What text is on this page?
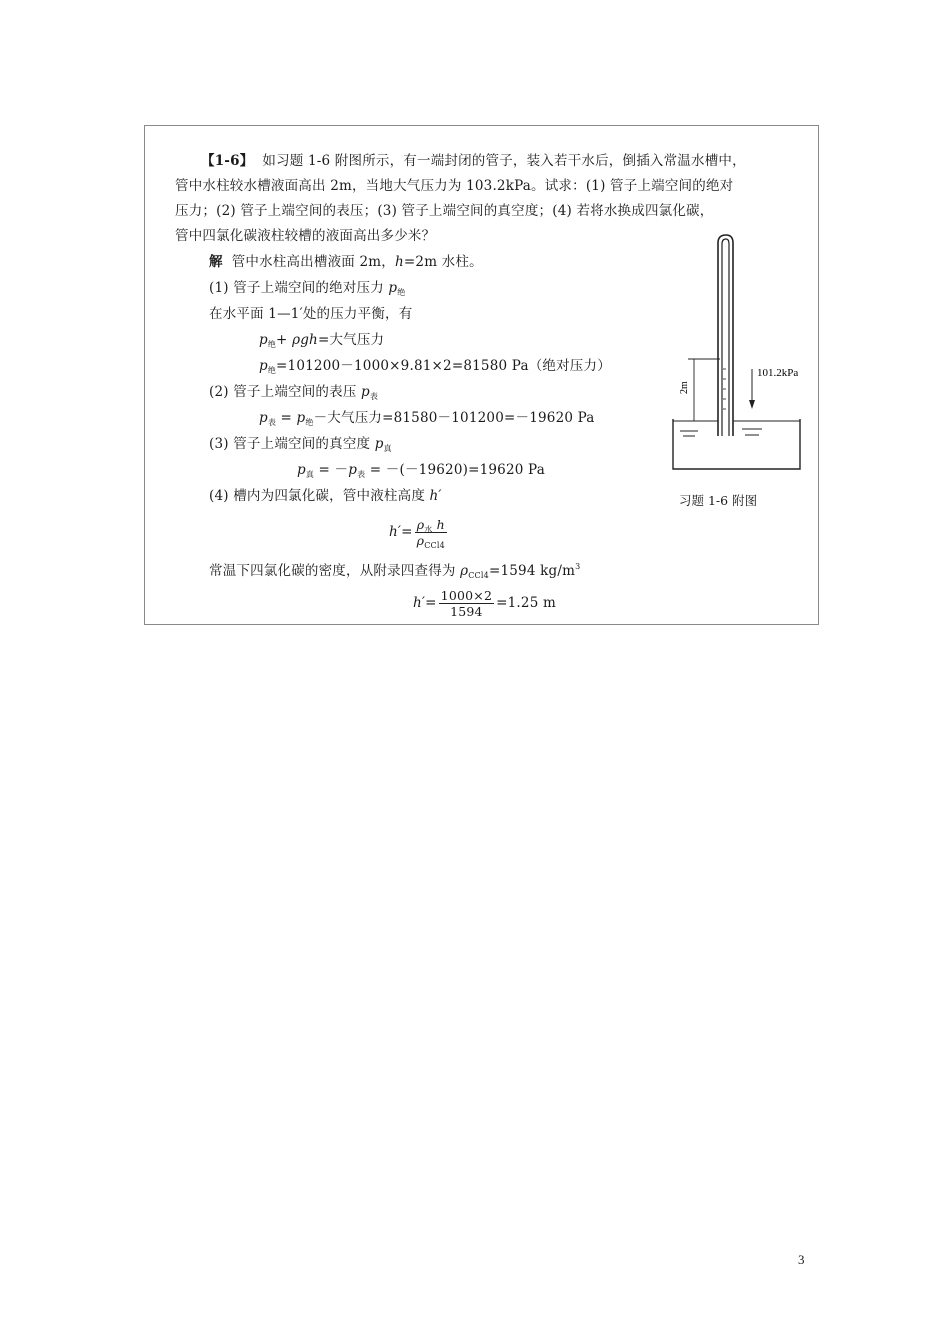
【1-6】 如习题 1-6 附图所示，有一端封闭的管子，装入若干水后，倒插入常温水槽中，
管中水柱较水槽液面高出 2m，当地大气压力为 103.2kPa。试求：(1) 管子上端空间的绝对
压力；(2) 管子上端空间的表压；(3) 管子上端空间的真空度；(4) 若将水换成四氯化碳，
管中四氯化碳液柱较槽的液面高出多少米？
解 管中水柱高出槽液面 2m，h=2m 水柱。
(1) 管子上端空间的绝对压力 $p_绝$
在水平面 1—1′处的压力平衡，有
$p_绝+ \rho gh=$大气压力
$p_绝=101200-1000\times 9.81\times 2=81580$ Pa（绝对压力）
(2) 管子上端空间的表压 $p_表$
$p_表 = p_绝-$大气压力=81580－101200=－19620 Pa
(3) 管子上端空间的真空度 $p_真$
$p_真 = -p_表 = -(-19620)=19620$ Pa
(4) 槽内为四氯化碳，管中液柱高度 h′
$h'= \frac{\rho_水 h}{\rho_{CCl4}}$
常温下四氯化碳的密度，从附录四查得为 $\rho_{CCl4}=1594$ $kg/m^3$
$h'= \frac{1000\times 2}{1594} =1.25$ m
2m
101.2kPa
习题 1-6 附图
3
